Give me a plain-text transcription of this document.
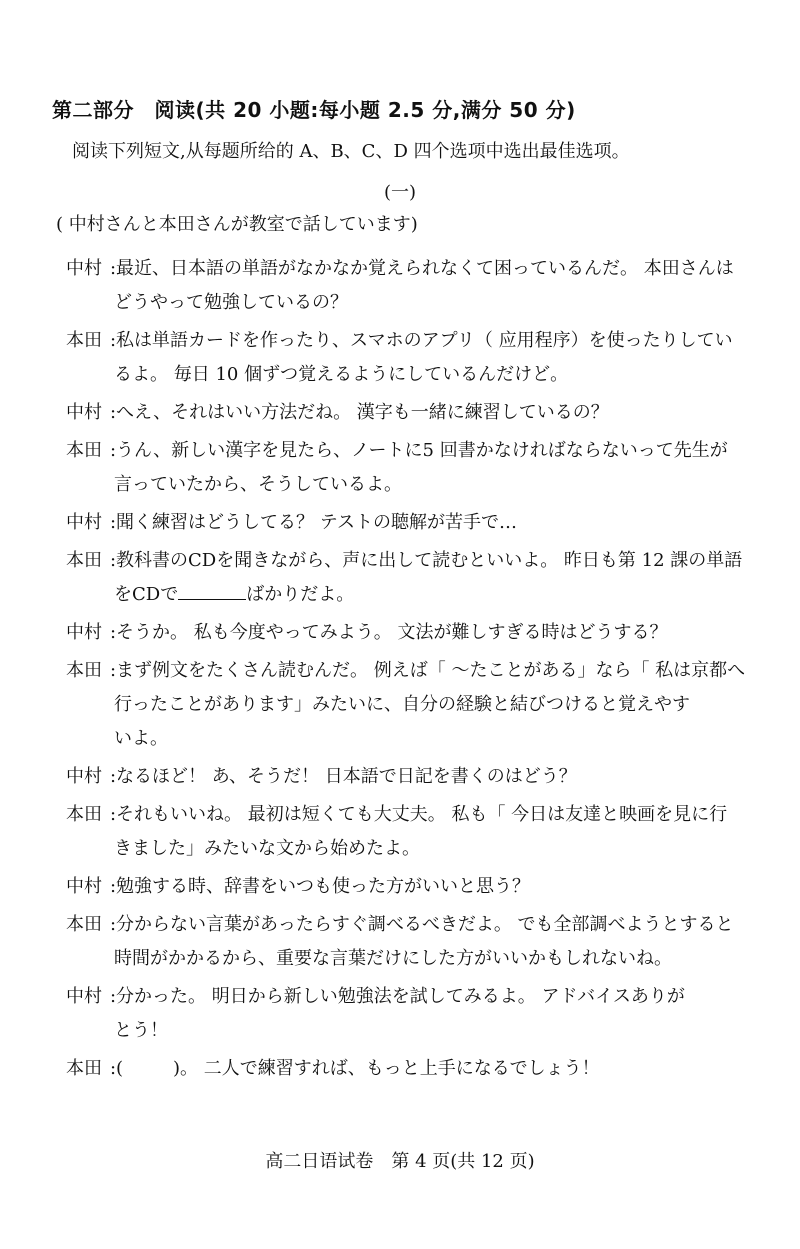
第二部分　阅读(共 20 小题:每小题 2.5 分,满分 50 分)
阅读下列短文,从每题所给的 A、B、C、D 四个选项中选出最佳选项。
(一)
( 中村さんと本田さんが教室で話しています)
中村 : 最近、日本語の単語がなかなか覚えられなくて困っているんだ。 本田さんは
どうやって勉強しているの？
本田 : 私は単語カードを作ったり、スマホのアプリ（ 应用程序）を使ったりしてい
るよ。 毎日 10 個ずつ覚えるようにしているんだけど。
中村 : へえ、それはいい方法だね。 漢字も一緒に練習しているの？
本田 : うん、新しい漢字を見たら、ノートに5 回書かなければならないって先生が
言っていたから、そうしているよ。
中村 : 聞く練習はどうしてる？ テストの聴解が苦手で…
本田 : 教科書のCDを聞きながら、声に出して読むといいよ。 昨日も第 12 課の単語
をCDで	ばかりだよ。
中村 : そうか。 私も今度やってみよう。 文法が難しすぎる時はどうする？
本田 : まず例文をたくさん読むんだ。 例えば「 ～たことがある」なら「 私は京都へ
行ったことがあります」みたいに、自分の経験と結びつけると覚えやす
いよ。
中村 : なるほど！ あ、そうだ！ 日本語で日記を書くのはどう？
本田 : それもいいね。 最初は短くても大丈夫。 私も「 今日は友達と映画を見に行
きました」みたいな文から始めたよ。
中村 : 勉強する時、辞書をいつも使った方がいいと思う？
本田 : 分からない言葉があったらすぐ調べるべきだよ。 でも全部調べようとすると
時間がかかるから、重要な言葉だけにした方がいいかもしれないね。
中村 : 分かった。 明日から新しい勉強法を試してみるよ。 アドバイスありが
とう！
本田 : (	)。 二人で練習すれば、もっと上手になるでしょう！
高二日语试卷　第 4 页(共 12 页)
